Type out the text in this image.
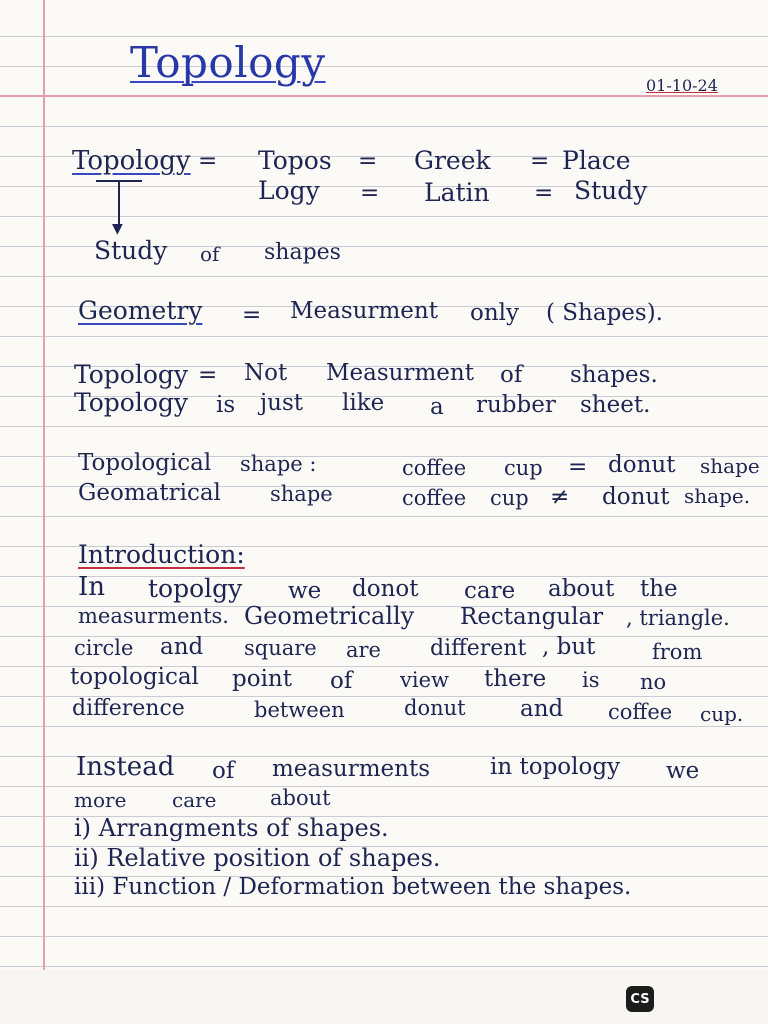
Topology	01-10-24
Topology = Topos = Greek = Place
Logy = Latin = Study
▼
Study of shapes
Geometry = Measurment only ( Shapes).
Topology = Not Measurment of shapes.
Topology is just like a rubber sheet.
Topological shape :	coffee cup = donut shape
Geomatrical shape	coffee cup ≠ donut shape.
Introduction:
In topolgy we donot care about the
measurments. Geometrically Rectangular , triangle.
circle and square are different , but	from
topological point of view there is no
difference	between	donut and coffee cup.
Instead of measurments	in topology we
more care	about
i) Arrangments of shapes.
ii) Relative position of shapes.
iii) Function / Deformation between the shapes.
CS
